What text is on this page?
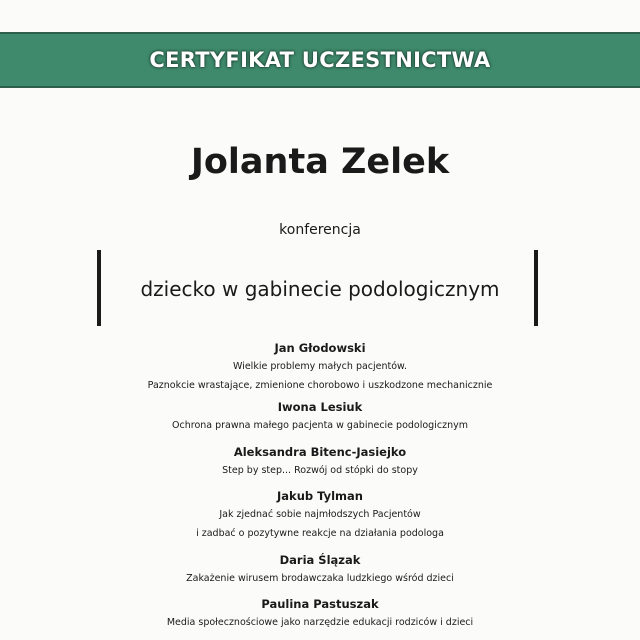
CERTYFIKAT UCZESTNICTWA
Jolanta Zelek
konferencja
dziecko w gabinecie podologicznym
Jan Głodowski
Wielkie problemy małych pacjentów.
Paznokcie wrastające, zmienione chorobowo i uszkodzone mechanicznie
Iwona Lesiuk
Ochrona prawna małego pacjenta w gabinecie podologicznym
Aleksandra Bitenc-Jasiejko
Step by step... Rozwój od stópki do stopy
Jakub Tylman
Jak zjednać sobie najmłodszych Pacjentów
i zadbać o pozytywne reakcje na działania podologa
Daria Ślązak
Zakażenie wirusem brodawczaka ludzkiego wśród dzieci
Paulina Pastuszak
Media społecznościowe jako narzędzie edukacji rodziców i dzieci
